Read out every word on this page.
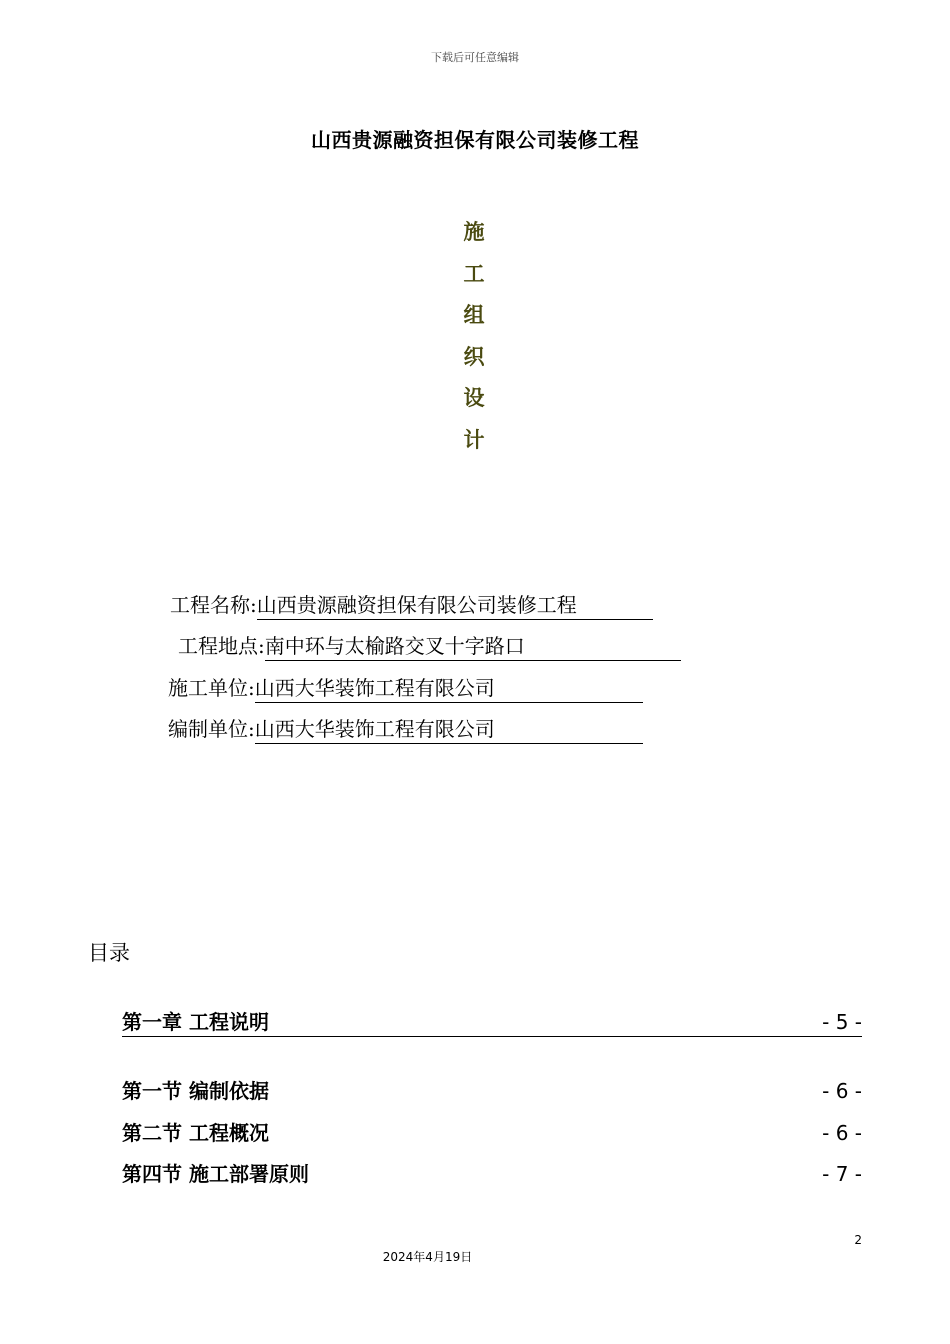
下载后可任意编辑
山西贵源融资担保有限公司装修工程
施
工
组
织
设
计
工程名称:山西贵源融资担保有限公司装修工程
工程地点:南中环与太榆路交叉十字路口
施工单位:山西大华装饰工程有限公司
编制单位:山西大华装饰工程有限公司
目录
第一章 工程说明	- 5 -
第一节 编制依据	- 6 -
第二节 工程概况	- 6 -
第四节 施工部署原则	- 7 -
2
2024年4月19日
